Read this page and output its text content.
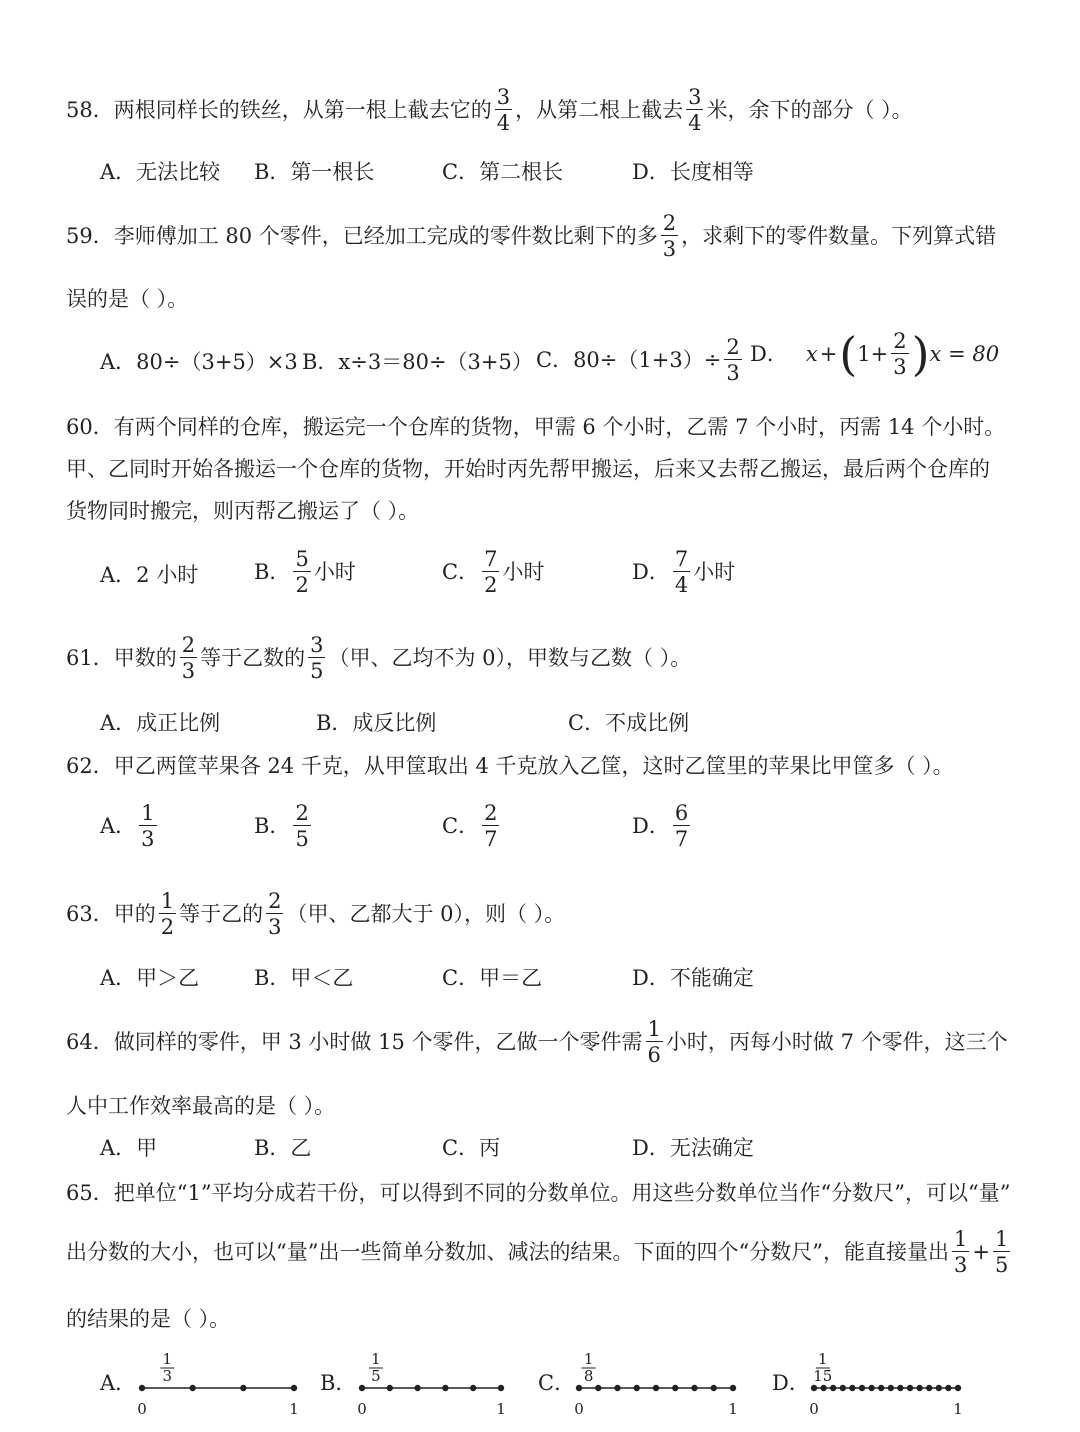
58．两根同样长的铁丝，从第一根上截去它的 $\frac{3}{4}$ ，从第二根上截去 $\frac{3}{4}$ 米，余下的部分（ ）。
A．无法比较 B．第一根长	C．第二根长	D．长度相等
59．李师傅加工 80 个零件，已经加工完成的零件数比剩下的多 $\frac{2}{3}$ ，求剩下的零件数量。下列算式错
误的是（ ）。
A．80÷（3+5）×3 B．x÷3＝80÷（3+5） C．$80\div(1+3)\div \frac{2}{3}$ D． x + ( $1+ \frac{2}{3}$ ) x = 80
60．有两个同样的仓库，搬运完一个仓库的货物，甲需 6 个小时，乙需 7 个小时，丙需 14 个小时。
甲、乙同时开始各搬运一个仓库的货物，开始时丙先帮甲搬运，后来又去帮乙搬运，最后两个仓库的
货物同时搬完，则丙帮乙搬运了（ ）。
A．2 小时	B． $\frac{5}{2}$ 小时	C． $\frac{7}{2}$ 小时	D． $\frac{7}{4}$ 小时
61．甲数的 $\frac{2}{3}$ 等于乙数的 $\frac{3}{5}$ （甲、乙均不为 0），甲数与乙数（ ）。
A．成正比例	B．成反比例	C．不成比例
62．甲乙两筐苹果各 24 千克，从甲筐取出 4 千克放入乙筐，这时乙筐里的苹果比甲筐多（ ）。
A． $\frac{1}{3}$	B． $\frac{2}{5}$	C． $\frac{2}{7}$	D． $\frac{6}{7}$
63．甲的 $\frac{1}{2}$ 等于乙的 $\frac{2}{3}$ （甲、乙都大于 0），则（ ）。
A．甲＞乙	B．甲＜乙	C．甲＝乙	D．不能确定
64．做同样的零件，甲 3 小时做 15 个零件，乙做一个零件需 $\frac{1}{6}$ 小时，丙每小时做 7 个零件，这三个
人中工作效率最高的是（ ）。
A．甲	B．乙	C．丙	D．无法确定
65．把单位“1”平均分成若干份，可以得到不同的分数单位。用这些分数单位当作“分数尺”，可以“量”
出分数的大小，也可以“量”出一些简单分数加、减法的结果。下面的四个“分数尺”，能直接量出 $\frac{1}{3} + \frac{1}{5}$
的结果的是（ ）。
A．
1
3
0	1
B．
1
5
0	1
C．
1
8
0	1
D．
1
15
0	1
